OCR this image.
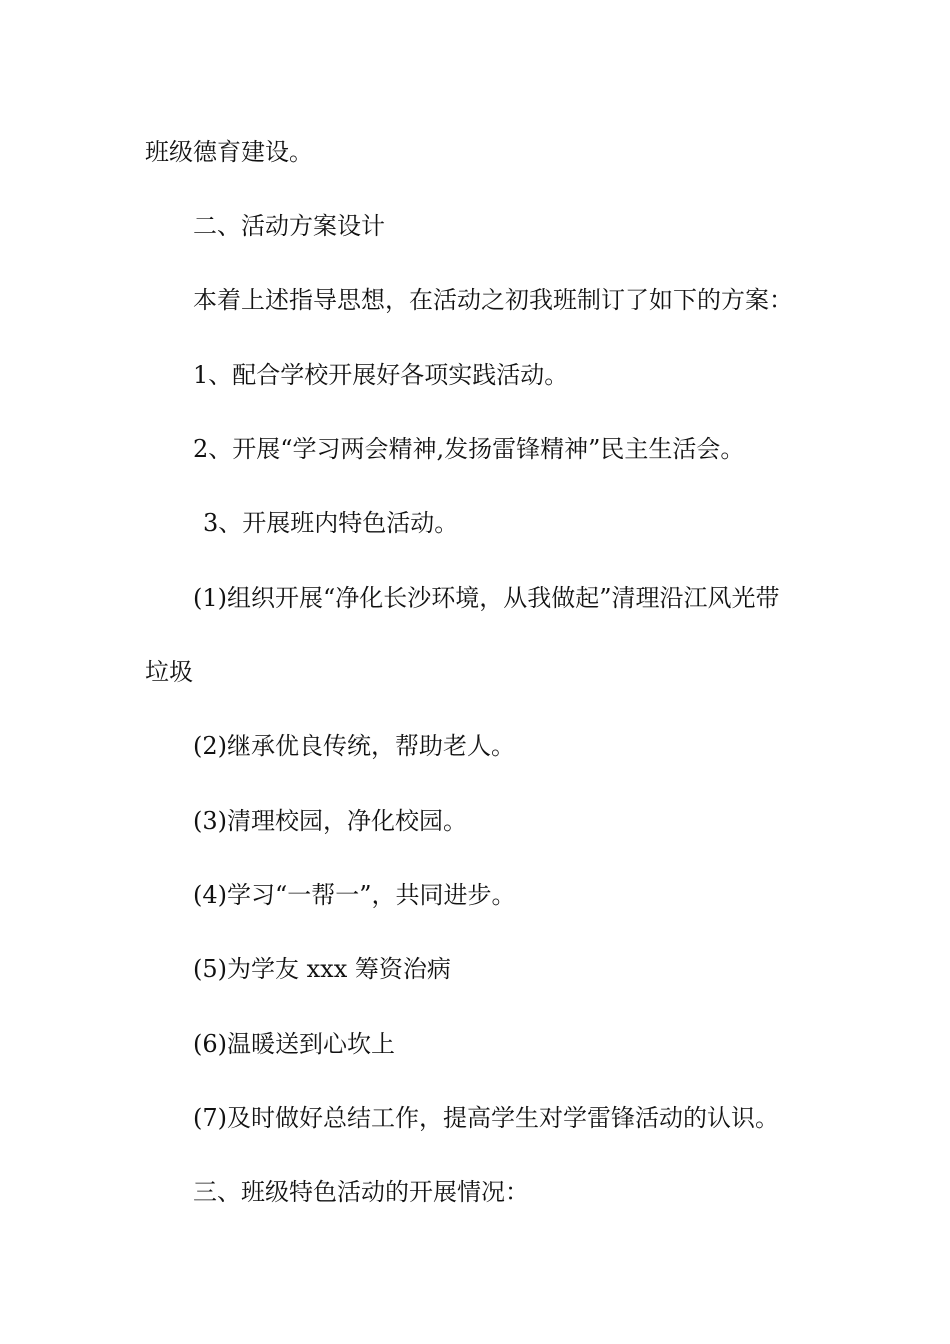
班级德育建设。
二、活动方案设计
本着上述指导思想，在活动之初我班制订了如下的方案：
1、配合学校开展好各项实践活动。
2、开展“学习两会精神,发扬雷锋精神”民主生活会。
3、开展班内特色活动。
(1)组织开展“净化长沙环境，从我做起”清理沿江风光带
垃圾
(2)继承优良传统，帮助老人。
(3)清理校园，净化校园。
(4)学习“一帮一”，共同进步。
(5)为学友 xxx 筹资治病
(6)温暖送到心坎上
(7)及时做好总结工作，提高学生对学雷锋活动的认识。
三、班级特色活动的开展情况：
